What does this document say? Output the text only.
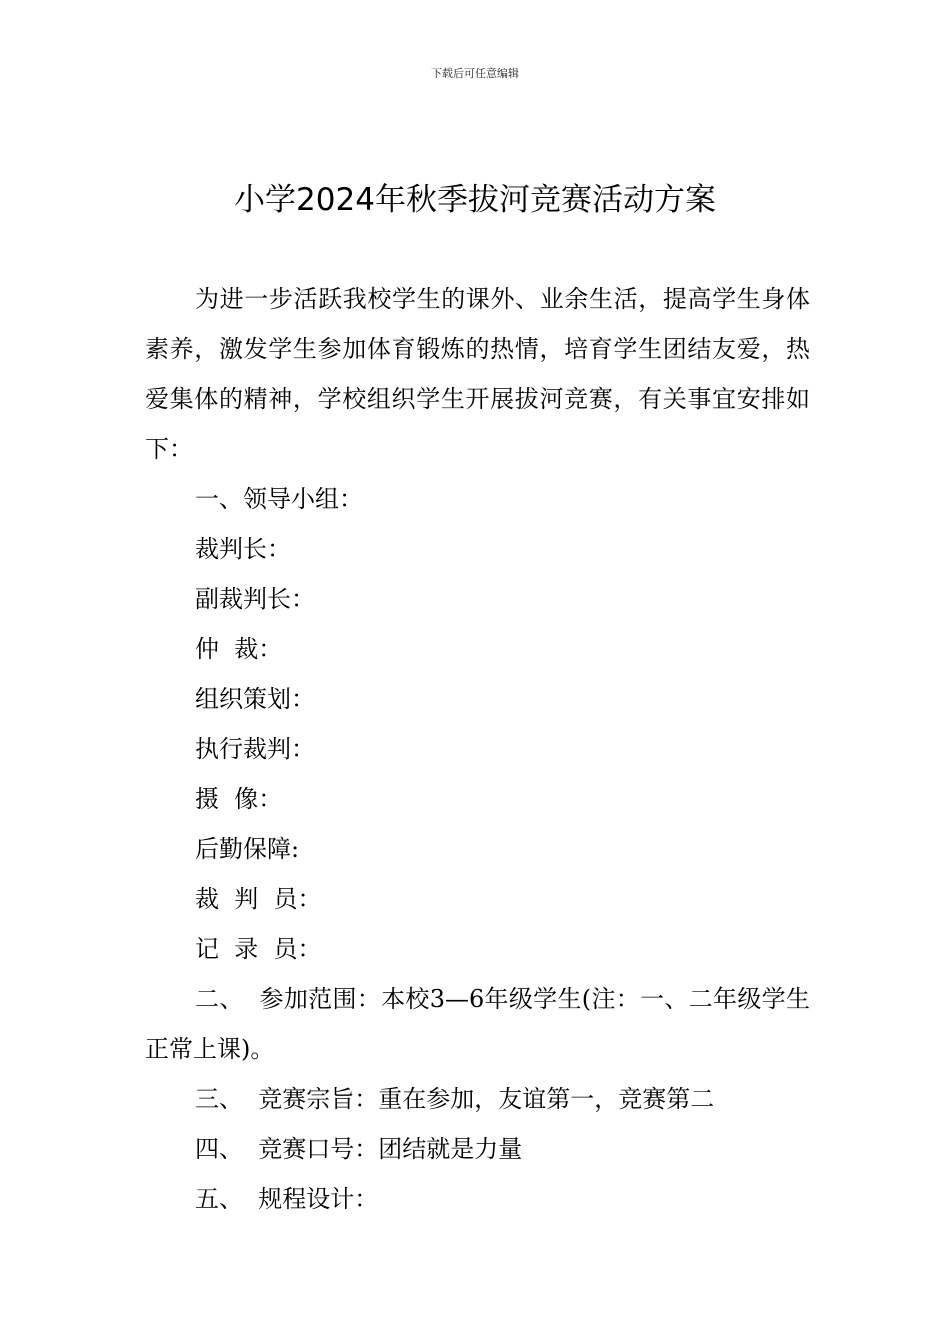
下载后可任意编辑
小学2024年秋季拔河竞赛活动方案

为进一步活跃我校学生的课外、业余生活，提高学生身体素养，激发学生参加体育锻炼的热情，培育学生团结友爱，热爱集体的精神，学校组织学生开展拔河竞赛，有关事宜安排如下：

一、领导小组：

裁判长：

副裁判长：

仲  裁：

组织策划：

执行裁判：

摄  像：

后勤保障:

裁  判  员：

记  录  员：

二、  参加范围：本校3—6年级学生(注：一、二年级学生正常上课)。

三、  竞赛宗旨：重在参加，友谊第一，竞赛第二

四、  竞赛口号：团结就是力量

五、  规程设计：
